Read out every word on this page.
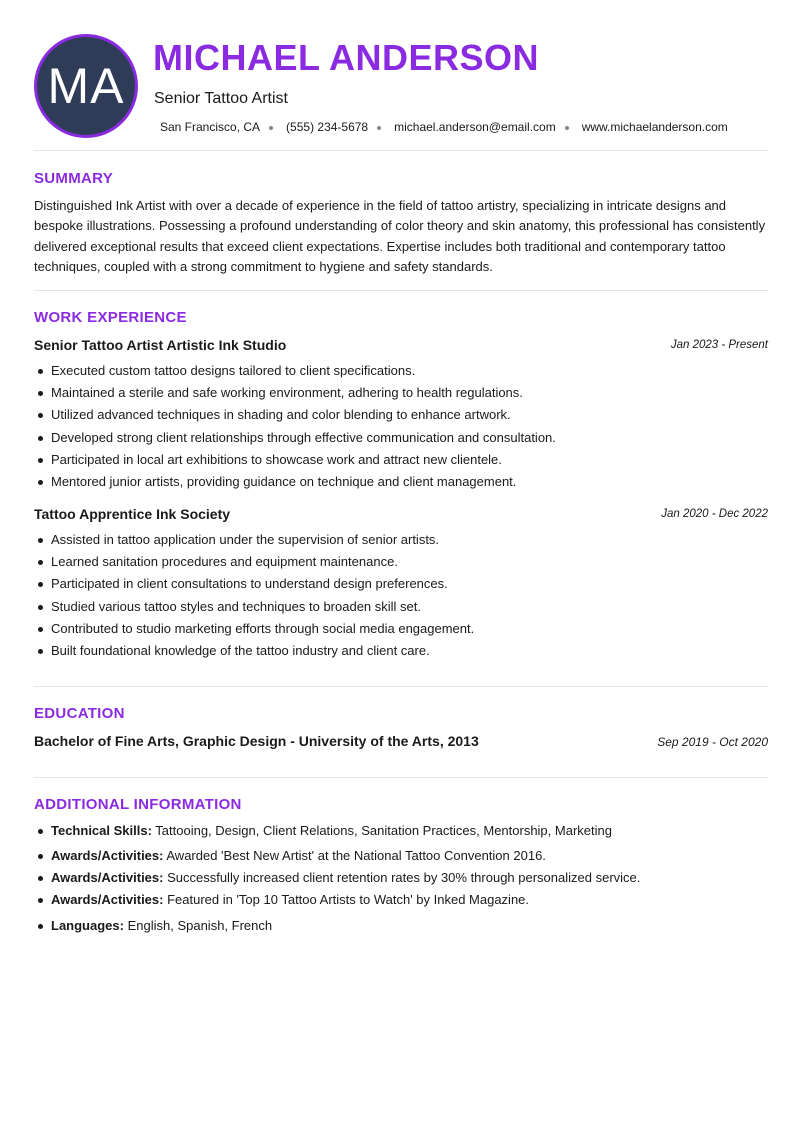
MA
MICHAEL ANDERSON
Senior Tattoo Artist
San Francisco, CA (555) 234-5678 michael.anderson@email.com www.michaelanderson.com
SUMMARY
Distinguished Ink Artist with over a decade of experience in the field of tattoo artistry, specializing in intricate designs and bespoke illustrations. Possessing a profound understanding of color theory and skin anatomy, this professional has consistently delivered exceptional results that exceed client expectations. Expertise includes both traditional and contemporary tattoo techniques, coupled with a strong commitment to hygiene and safety standards.
WORK EXPERIENCE
Senior Tattoo Artist Artistic Ink Studio	Jan 2023 - Present
Executed custom tattoo designs tailored to client specifications.
Maintained a sterile and safe working environment, adhering to health regulations.
Utilized advanced techniques in shading and color blending to enhance artwork.
Developed strong client relationships through effective communication and consultation.
Participated in local art exhibitions to showcase work and attract new clientele.
Mentored junior artists, providing guidance on technique and client management.
Tattoo Apprentice Ink Society	Jan 2020 - Dec 2022
Assisted in tattoo application under the supervision of senior artists.
Learned sanitation procedures and equipment maintenance.
Participated in client consultations to understand design preferences.
Studied various tattoo styles and techniques to broaden skill set.
Contributed to studio marketing efforts through social media engagement.
Built foundational knowledge of the tattoo industry and client care.
EDUCATION
Bachelor of Fine Arts, Graphic Design - University of the Arts, 2013	Sep 2019 - Oct 2020
ADDITIONAL INFORMATION
Technical Skills: Tattooing, Design, Client Relations, Sanitation Practices, Mentorship, Marketing
Awards/Activities: Awarded 'Best New Artist' at the National Tattoo Convention 2016.
Awards/Activities: Successfully increased client retention rates by 30% through personalized service.
Awards/Activities: Featured in 'Top 10 Tattoo Artists to Watch' by Inked Magazine.
Languages: English, Spanish, French
